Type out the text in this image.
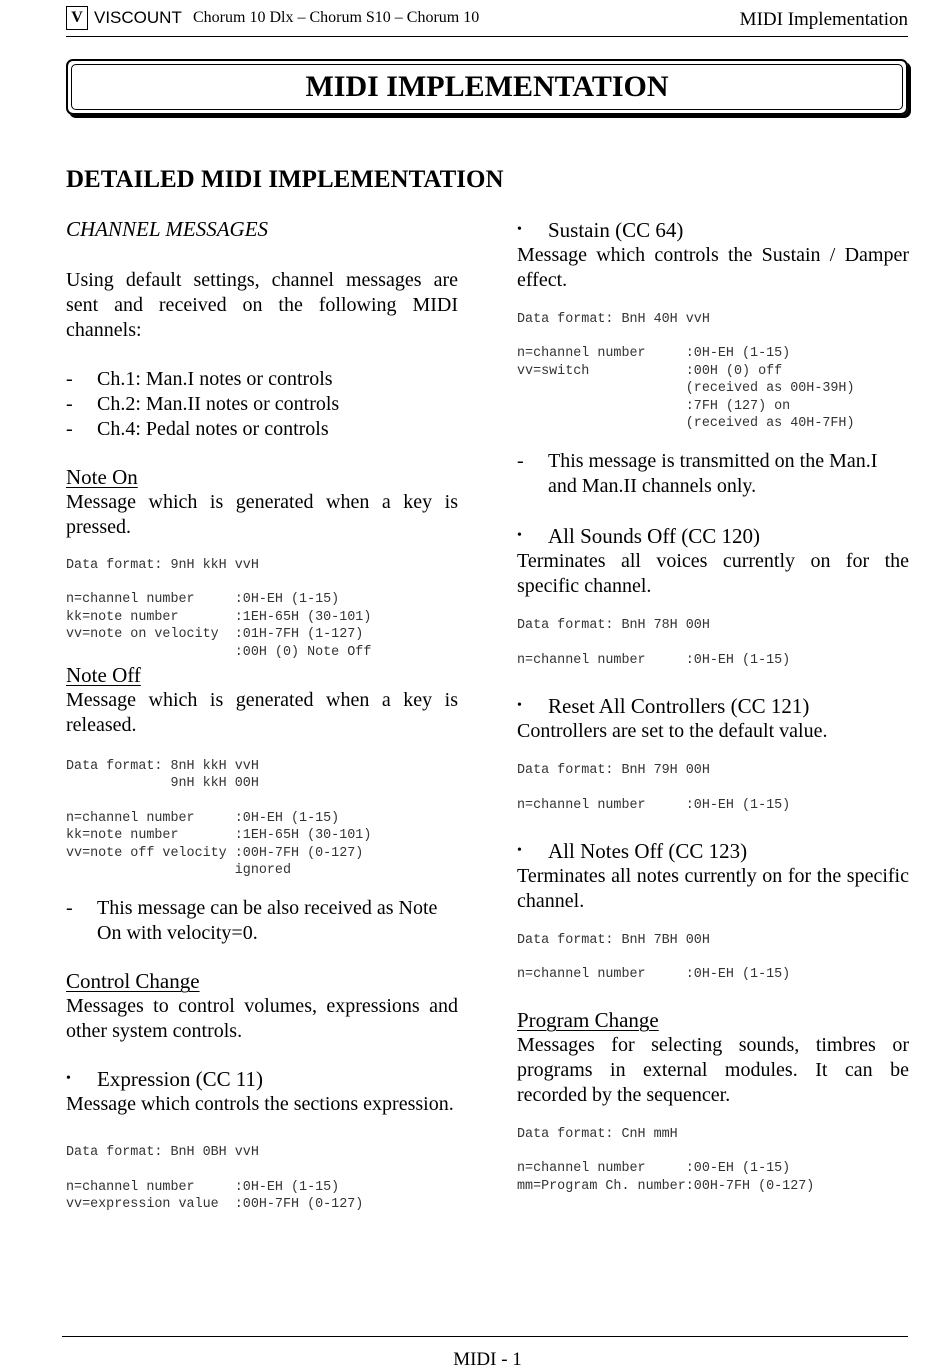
V VISCOUNT Chorum 10 Dlx – Chorum S10 – Chorum 10	MIDI Implementation
MIDI IMPLEMENTATION
DETAILED MIDI IMPLEMENTATION

CHANNEL MESSAGES

Using default settings, channel messages are sent and received on the following MIDI channels:

-	Ch.1: Man.I notes or controls

-	Ch.2: Man.II notes or controls

-	Ch.4: Pedal notes or controls

Note On

Message which is generated when a key is pressed.

Data format: 9nH kkH vvH
n=channel number     :0H-EH (1-15)
kk=note number       :1EH-65H (30-101)
vv=note on velocity  :01H-7FH (1-127)
:00H (0) Note Off

Note Off

Message which is generated when a key is released.

Data format: 8nH kkH vvH
9nH kkH 00H
n=channel number     :0H-EH (1-15)
kk=note number       :1EH-65H (30-101)
vv=note off velocity :00H-7FH (0-127)
ignored

-	This message can be also received as Note On with velocity=0.

Control Change

Messages to control volumes, expressions and other system controls.

•	Expression (CC 11)

Message which controls the sections expression.

Data format: BnH 0BH vvH
n=channel number     :0H-EH (1-15)
vv=expression value  :00H-7FH (0-127)

•	Sustain (CC 64)

Message which controls the Sustain / Damper effect.

Data format: BnH 40H vvH
n=channel number     :0H-EH (1-15)
vv=switch            :00H (0) off
(received as 00H-39H)
:7FH (127) on
(received as 40H-7FH)

-	This message is transmitted on the Man.I and Man.II channels only.

•	All Sounds Off (CC 120)

Terminates all voices currently on for the specific channel.

Data format: BnH 78H 00H
n=channel number     :0H-EH (1-15)

•	Reset All Controllers (CC 121)

Controllers are set to the default value.

Data format: BnH 79H 00H
n=channel number     :0H-EH (1-15)

•	All Notes Off (CC 123)

Terminates all notes currently on for the specific channel.

Data format: BnH 7BH 00H
n=channel number     :0H-EH (1-15)

Program Change

Messages for selecting sounds, timbres or programs in external modules. It can be recorded by the sequencer.

Data format: CnH mmH
n=channel number     :00-EH (1-15)
mm=Program Ch. number:00H-7FH (0-127)
MIDI - 1
